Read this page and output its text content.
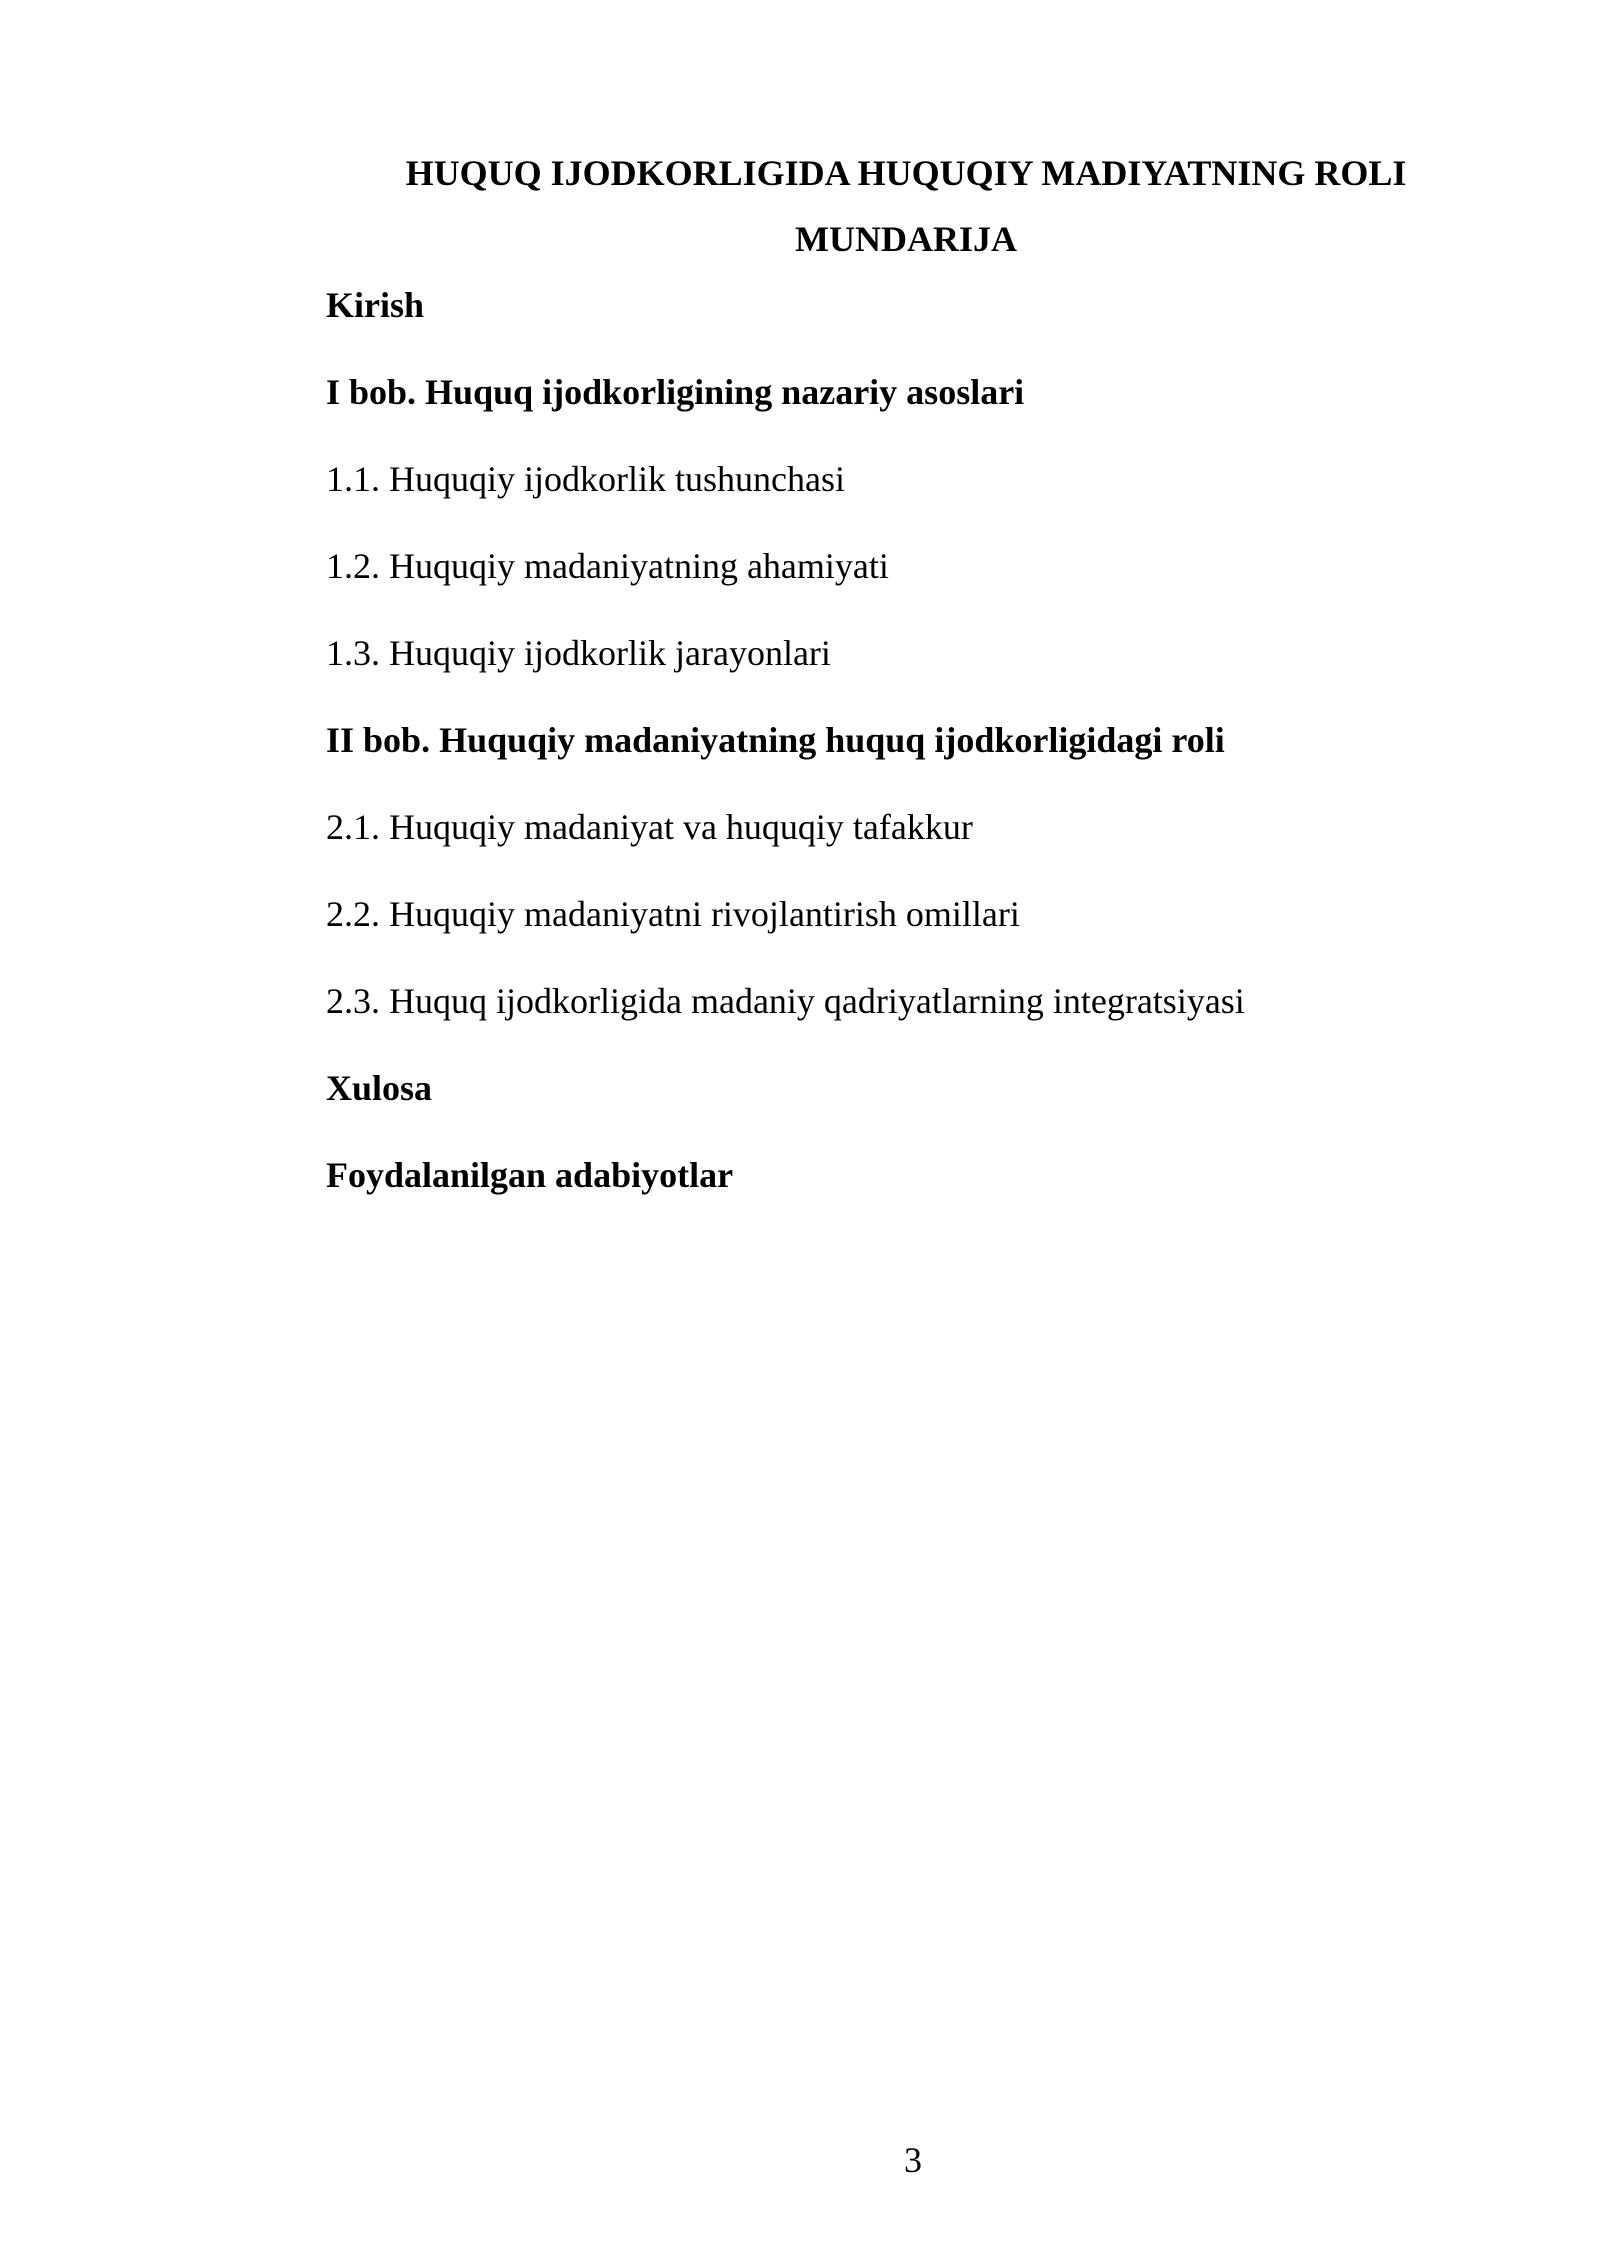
HUQUQ IJODKORLIGIDA HUQUQIY MADIYATNING ROLI
MUNDARIJA
Kirish
I bob. Huquq ijodkorligining nazariy asoslari
1.1. Huquqiy ijodkorlik tushunchasi
1.2. Huquqiy madaniyatning ahamiyati
1.3. Huquqiy ijodkorlik jarayonlari
II bob. Huquqiy madaniyatning huquq ijodkorligidagi roli
2.1. Huquqiy madaniyat va huquqiy tafakkur
2.2. Huquqiy madaniyatni rivojlantirish omillari
2.3. Huquq ijodkorligida madaniy qadriyatlarning integratsiyasi
Xulosa
Foydalanilgan adabiyotlar
3
